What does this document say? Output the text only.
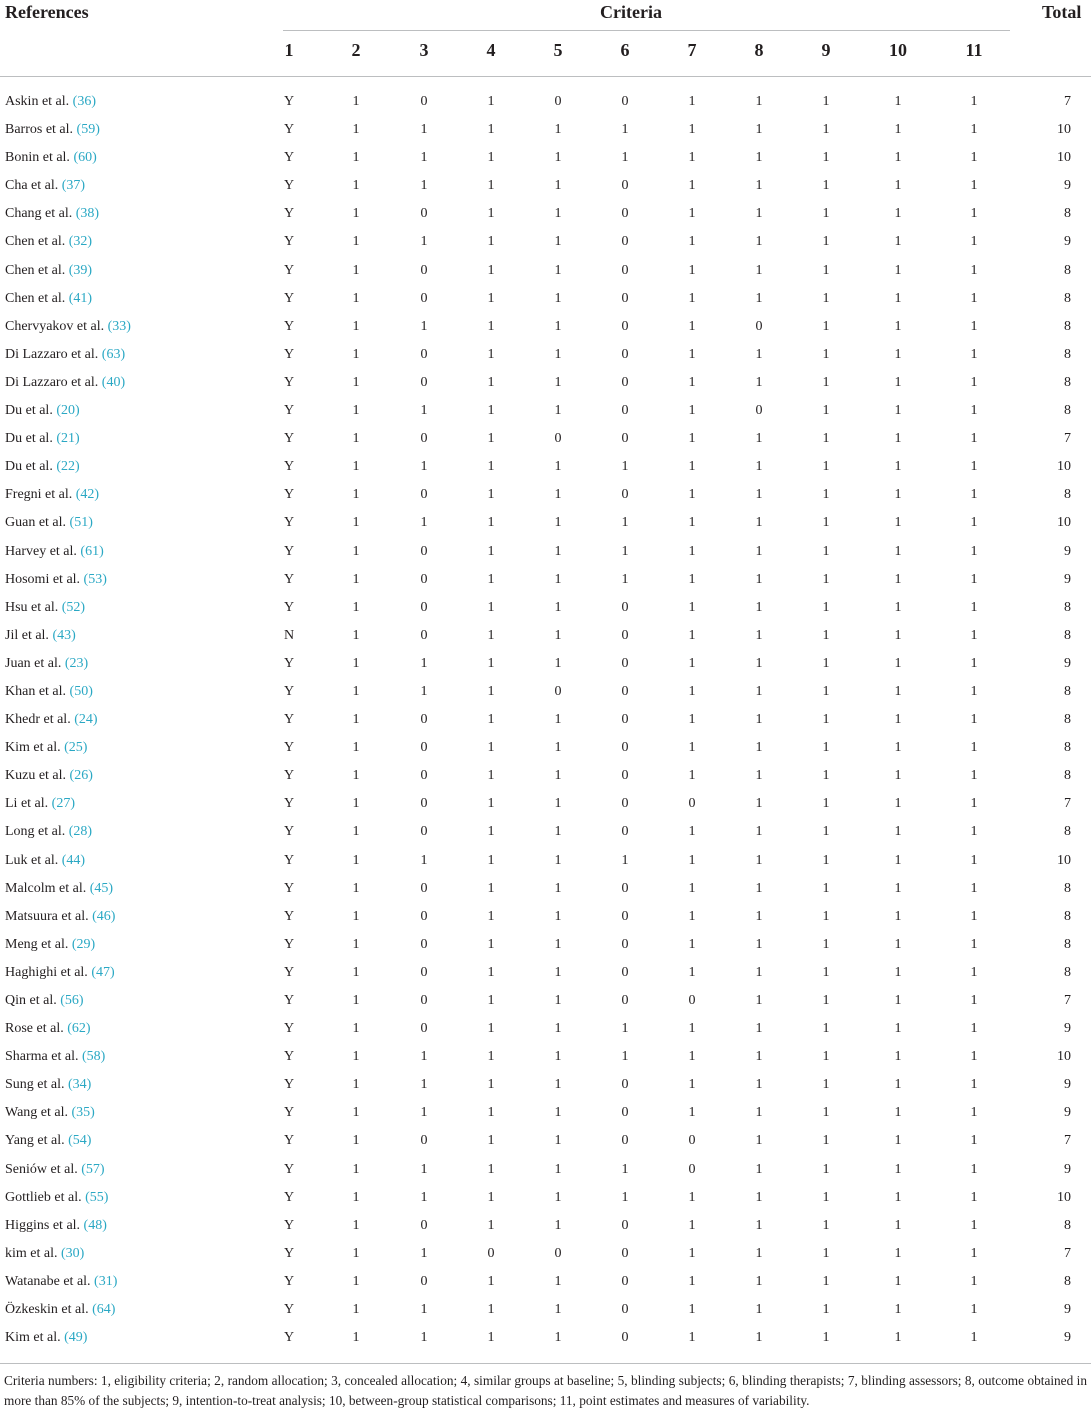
References	Criteria	Total
1	2	3	4	5	6	7	8	9	10	11
Askin et al. (36)	Y	1	0	1	0	0	1	1	1	1	1	7
Barros et al. (59)	Y	1	1	1	1	1	1	1	1	1	1	10
Bonin et al. (60)	Y	1	1	1	1	1	1	1	1	1	1	10
Cha et al. (37)	Y	1	1	1	1	0	1	1	1	1	1	9
Chang et al. (38)	Y	1	0	1	1	0	1	1	1	1	1	8
Chen et al. (32)	Y	1	1	1	1	0	1	1	1	1	1	9
Chen et al. (39)	Y	1	0	1	1	0	1	1	1	1	1	8
Chen et al. (41)	Y	1	0	1	1	0	1	1	1	1	1	8
Chervyakov et al. (33)	Y	1	1	1	1	0	1	0	1	1	1	8
Di Lazzaro et al. (63)	Y	1	0	1	1	0	1	1	1	1	1	8
Di Lazzaro et al. (40)	Y	1	0	1	1	0	1	1	1	1	1	8
Du et al. (20)	Y	1	1	1	1	0	1	0	1	1	1	8
Du et al. (21)	Y	1	0	1	0	0	1	1	1	1	1	7
Du et al. (22)	Y	1	1	1	1	1	1	1	1	1	1	10
Fregni et al. (42)	Y	1	0	1	1	0	1	1	1	1	1	8
Guan et al. (51)	Y	1	1	1	1	1	1	1	1	1	1	10
Harvey et al. (61)	Y	1	0	1	1	1	1	1	1	1	1	9
Hosomi et al. (53)	Y	1	0	1	1	1	1	1	1	1	1	9
Hsu et al. (52)	Y	1	0	1	1	0	1	1	1	1	1	8
Jil et al. (43)	N	1	0	1	1	0	1	1	1	1	1	8
Juan et al. (23)	Y	1	1	1	1	0	1	1	1	1	1	9
Khan et al. (50)	Y	1	1	1	0	0	1	1	1	1	1	8
Khedr et al. (24)	Y	1	0	1	1	0	1	1	1	1	1	8
Kim et al. (25)	Y	1	0	1	1	0	1	1	1	1	1	8
Kuzu et al. (26)	Y	1	0	1	1	0	1	1	1	1	1	8
Li et al. (27)	Y	1	0	1	1	0	0	1	1	1	1	7
Long et al. (28)	Y	1	0	1	1	0	1	1	1	1	1	8
Luk et al. (44)	Y	1	1	1	1	1	1	1	1	1	1	10
Malcolm et al. (45)	Y	1	0	1	1	0	1	1	1	1	1	8
Matsuura et al. (46)	Y	1	0	1	1	0	1	1	1	1	1	8
Meng et al. (29)	Y	1	0	1	1	0	1	1	1	1	1	8
Haghighi et al. (47)	Y	1	0	1	1	0	1	1	1	1	1	8
Qin et al. (56)	Y	1	0	1	1	0	0	1	1	1	1	7
Rose et al. (62)	Y	1	0	1	1	1	1	1	1	1	1	9
Sharma et al. (58)	Y	1	1	1	1	1	1	1	1	1	1	10
Sung et al. (34)	Y	1	1	1	1	0	1	1	1	1	1	9
Wang et al. (35)	Y	1	1	1	1	0	1	1	1	1	1	9
Yang et al. (54)	Y	1	0	1	1	0	0	1	1	1	1	7
Seniów et al. (57)	Y	1	1	1	1	1	0	1	1	1	1	9
Gottlieb et al. (55)	Y	1	1	1	1	1	1	1	1	1	1	10
Higgins et al. (48)	Y	1	0	1	1	0	1	1	1	1	1	8
kim et al. (30)	Y	1	1	0	0	0	1	1	1	1	1	7
Watanabe et al. (31)	Y	1	0	1	1	0	1	1	1	1	1	8
Özkeskin et al. (64)	Y	1	1	1	1	0	1	1	1	1	1	9
Kim et al. (49)	Y	1	1	1	1	0	1	1	1	1	1	9
Criteria numbers: 1, eligibility criteria; 2, random allocation; 3, concealed allocation; 4, similar groups at baseline; 5, blinding subjects; 6, blinding therapists; 7, blinding assessors; 8, outcome obtained in more than 85% of the subjects; 9, intention-to-treat analysis; 10, between-group statistical comparisons; 11, point estimates and measures of variability.
